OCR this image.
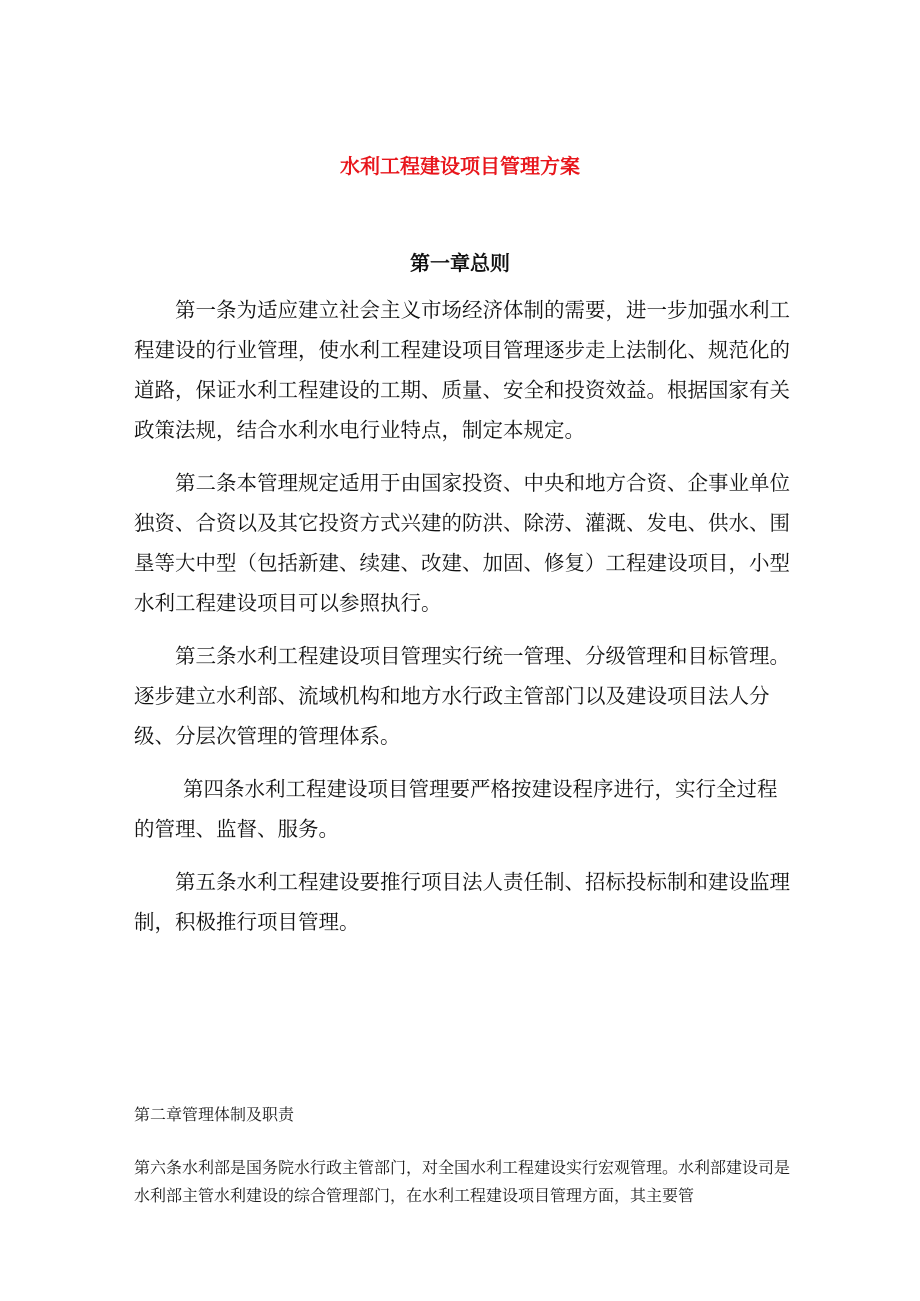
水利工程建设项目管理方案
第一章总则

第一条为适应建立社会主义市场经济体制的需要，进一步加强水利工程建设的行业管理，使水利工程建设项目管理逐步走上法制化、规范化的道路，保证水利工程建设的工期、质量、安全和投资效益。根据国家有关政策法规，结合水利水电行业特点，制定本规定。

第二条本管理规定适用于由国家投资、中央和地方合资、企事业单位独资、合资以及其它投资方式兴建的防洪、除涝、灌溉、发电、供水、围垦等大中型（包括新建、续建、改建、加固、修复）工程建设项目，小型水利工程建设项目可以参照执行。

第三条水利工程建设项目管理实行统一管理、分级管理和目标管理。逐步建立水利部、流域机构和地方水行政主管部门以及建设项目法人分级、分层次管理的管理体系。

第四条水利工程建设项目管理要严格按建设程序进行，实行全过程的管理、监督、服务。

第五条水利工程建设要推行项目法人责任制、招标投标制和建设监理制，积极推行项目管理。

第二章管理体制及职责

第六条水利部是国务院水行政主管部门，对全国水利工程建设实行宏观管理。水利部建设司是水利部主管水利建设的综合管理部门，在水利工程建设项目管理方面，其主要管
